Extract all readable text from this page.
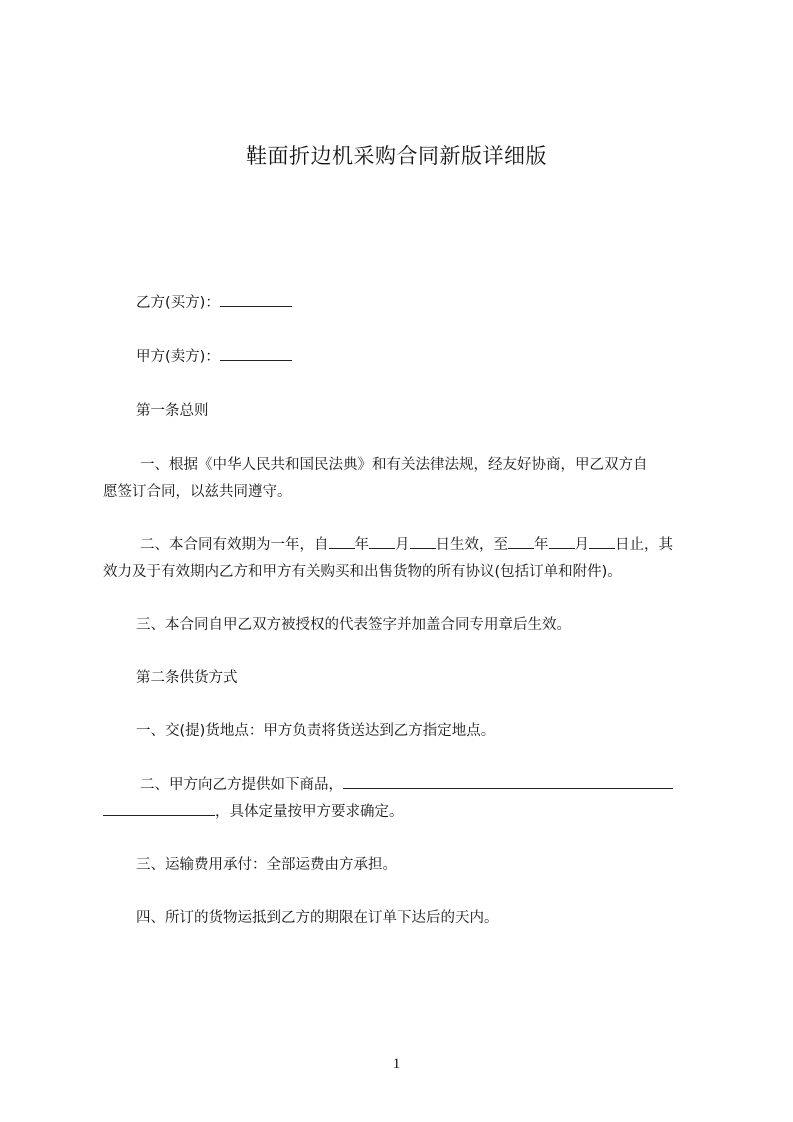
鞋面折边机采购合同新版详细版

乙方(买方)：

甲方(卖方)：

第一条总则

一、根据《中华人民共和国民法典》和有关法律法规，经友好协商，甲乙双方自

愿签订合同，以兹共同遵守。

二、本合同有效期为一年，自 年 月 日生效，至 年 月 日止，其

效力及于有效期内乙方和甲方有关购买和出售货物的所有协议(包括订单和附件)。

三、本合同自甲乙双方被授权的代表签字并加盖合同专用章后生效。

第二条供货方式

一、交(提)货地点：甲方负责将货送达到乙方指定地点。

二、甲方向乙方提供如下商品，

，具体定量按甲方要求确定。

三、运输费用承付：全部运费由方承担。

四、所订的货物运抵到乙方的期限在订单下达后的天内。

1
